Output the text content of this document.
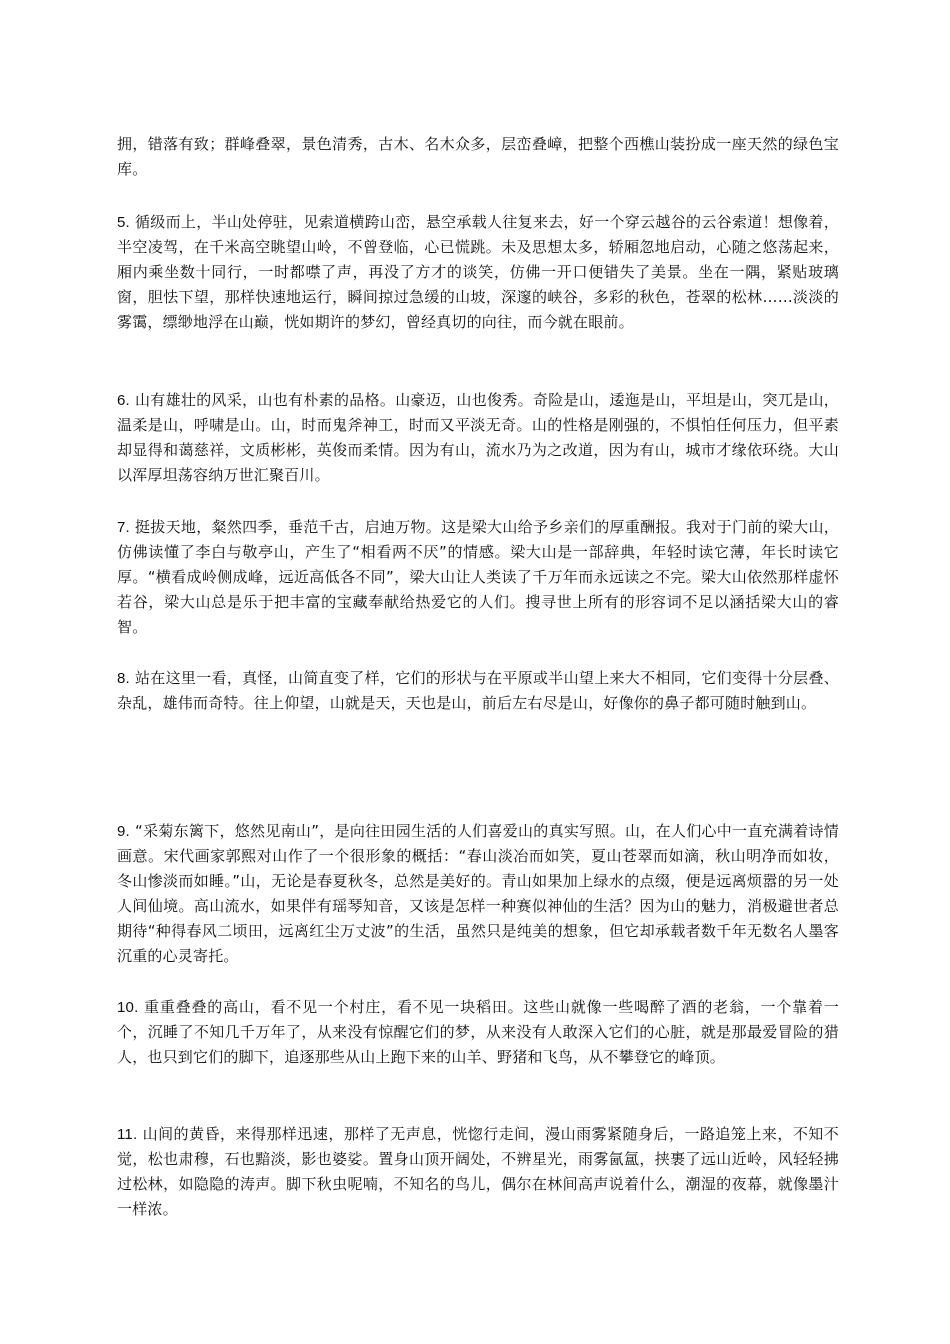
拥，错落有致；群峰叠翠，景色清秀，古木、名木众多，层峦叠嶂，把整个西樵山装扮成一座天然的绿色宝库。

5. 循级而上，半山处停驻，见索道横跨山峦，悬空承载人往复来去，好一个穿云越谷的云谷索道！想像着，半空凌驾，在千米高空眺望山岭，不曾登临，心已慌跳。未及思想太多，轿厢忽地启动，心随之悠荡起来，厢内乘坐数十同行，一时都噤了声，再没了方才的谈笑，仿佛一开口便错失了美景。坐在一隅，紧贴玻璃窗，胆怯下望，那样快速地运行，瞬间掠过急缓的山坡，深邃的峡谷，多彩的秋色，苍翠的松林……淡淡的雾霭，缥缈地浮在山巅，恍如期许的梦幻，曾经真切的向往，而今就在眼前。

6. 山有雄壮的风采，山也有朴素的品格。山豪迈，山也俊秀。奇险是山，逶迤是山，平坦是山，突兀是山，温柔是山，呼啸是山。山，时而鬼斧神工，时而又平淡无奇。山的性格是刚强的，不惧怕任何压力，但平素却显得和蔼慈祥，文质彬彬，英俊而柔情。因为有山，流水乃为之改道，因为有山，城市才缘依环绕。大山以浑厚坦荡容纳万世汇聚百川。

7. 挺拔天地，粲然四季，垂范千古，启迪万物。这是梁大山给予乡亲们的厚重酬报。我对于门前的梁大山，仿佛读懂了李白与敬亭山，产生了“相看两不厌”的情感。梁大山是一部辞典，年轻时读它薄，年长时读它厚。“横看成岭侧成峰，远近高低各不同”，梁大山让人类读了千万年而永远读之不完。梁大山依然那样虚怀若谷，梁大山总是乐于把丰富的宝藏奉献给热爱它的人们。搜寻世上所有的形容词不足以涵括梁大山的睿智。

8. 站在这里一看，真怪，山简直变了样，它们的形状与在平原或半山望上来大不相同，它们变得十分层叠、杂乱，雄伟而奇特。往上仰望，山就是天，天也是山，前后左右尽是山，好像你的鼻子都可随时触到山。

9. “采菊东篱下，悠然见南山”，是向往田园生活的人们喜爱山的真实写照。山，在人们心中一直充满着诗情画意。宋代画家郭熙对山作了一个很形象的概括：“春山淡冶而如笑，夏山苍翠而如滴，秋山明净而如妆，冬山惨淡而如睡。”山，无论是春夏秋冬，总然是美好的。青山如果加上绿水的点缀，便是远离烦嚣的另一处人间仙境。高山流水，如果伴有瑶琴知音，又该是怎样一种赛似神仙的生活？因为山的魅力，消极避世者总期待“种得春风二顷田，远离红尘万丈波”的生活，虽然只是纯美的想象，但它却承载者数千年无数名人墨客沉重的心灵寄托。

10. 重重叠叠的高山，看不见一个村庄，看不见一块稻田。这些山就像一些喝醉了酒的老翁，一个靠着一个，沉睡了不知几千万年了，从来没有惊醒它们的梦，从来没有人敢深入它们的心脏，就是那最爱冒险的猎人，也只到它们的脚下，追逐那些从山上跑下来的山羊、野猪和飞鸟，从不攀登它的峰顶。

11. 山间的黄昏，来得那样迅速，那样了无声息，恍惚行走间，漫山雨雾紧随身后，一路追笼上来，不知不觉，松也肃穆，石也黯淡，影也婆娑。置身山顶开阔处，不辨星光，雨雾氤氲，挟裹了远山近岭，风轻轻拂过松林，如隐隐的涛声。脚下秋虫呢喃，不知名的鸟儿，偶尔在林间高声说着什么，潮湿的夜幕，就像墨汁一样浓。
